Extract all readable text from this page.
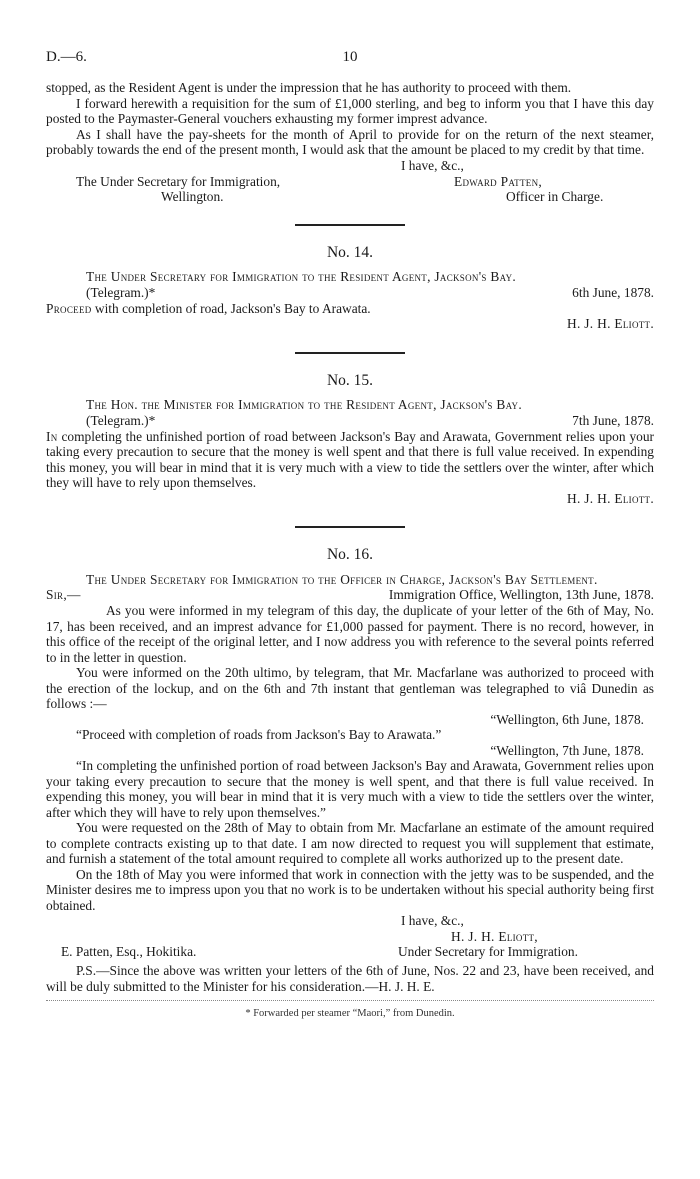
D.—6.	10

stopped, as the Resident Agent is under the impression that he has authority to proceed with them.

I forward herewith a requisition for the sum of £1,000 sterling, and beg to inform you that I have this day posted to the Paymaster-General vouchers exhausting my former imprest advance.

As I shall have the pay-sheets for the month of April to provide for on the return of the next steamer, probably towards the end of the present month, I would ask that the amount be placed to my credit by that time.

I have, &c.,
The Under Secretary for Immigration,	Edward Patten,
Wellington.	Officer in Charge.
No. 14.

The Under Secretary for Immigration to the Resident Agent, Jackson's Bay.

(Telegram.)*	6th June, 1878.

Proceed with completion of road, Jackson's Bay to Arawata.

H. J. H. Eliott.

No. 15.

The Hon. the Minister for Immigration to the Resident Agent, Jackson's Bay.

(Telegram.)*	7th June, 1878.

In completing the unfinished portion of road between Jackson's Bay and Arawata, Government relies upon your taking every precaution to secure that the money is well spent and that there is full value received. In expending this money, you will bear in mind that it is very much with a view to tide the settlers over the winter, after which they will have to rely upon themselves.

H. J. H. Eliott.

No. 16.

The Under Secretary for Immigration to the Officer in Charge, Jackson's Bay Settlement.

Sir,—	Immigration Office, Wellington, 13th June, 1878.

As you were informed in my telegram of this day, the duplicate of your letter of the 6th of May, No. 17, has been received, and an imprest advance for £1,000 passed for payment. There is no record, however, in this office of the receipt of the original letter, and I now address you with reference to the several points referred to in the letter in question.

You were informed on the 20th ultimo, by telegram, that Mr. Macfarlane was authorized to proceed with the erection of the lockup, and on the 6th and 7th instant that gentleman was telegraphed to viâ Dunedin as follows :—

“Wellington, 6th June, 1878.

“Proceed with completion of roads from Jackson's Bay to Arawata.”

“Wellington, 7th June, 1878.

“In completing the unfinished portion of road between Jackson's Bay and Arawata, Government relies upon your taking every precaution to secure that the money is well spent, and that there is full value received. In expending this money, you will bear in mind that it is very much with a view to tide the settlers over the winter, after which they will have to rely upon themselves.”

You were requested on the 28th of May to obtain from Mr. Macfarlane an estimate of the amount required to complete contracts existing up to that date. I am now directed to request you will supplement that estimate, and furnish a statement of the total amount required to complete all works authorized up to the present date.

On the 18th of May you were informed that work in connection with the jetty was to be suspended, and the Minister desires me to impress upon you that no work is to be undertaken without his special authority being first obtained.

I have, &c.,
H. J. H. Eliott,
E. Patten, Esq., Hokitika.	Under Secretary for Immigration.

P.S.—Since the above was written your letters of the 6th of June, Nos. 22 and 23, have been received, and will be duly submitted to the Minister for his consideration.—H. J. H. E.

* Forwarded per steamer “Maori,” from Dunedin.
